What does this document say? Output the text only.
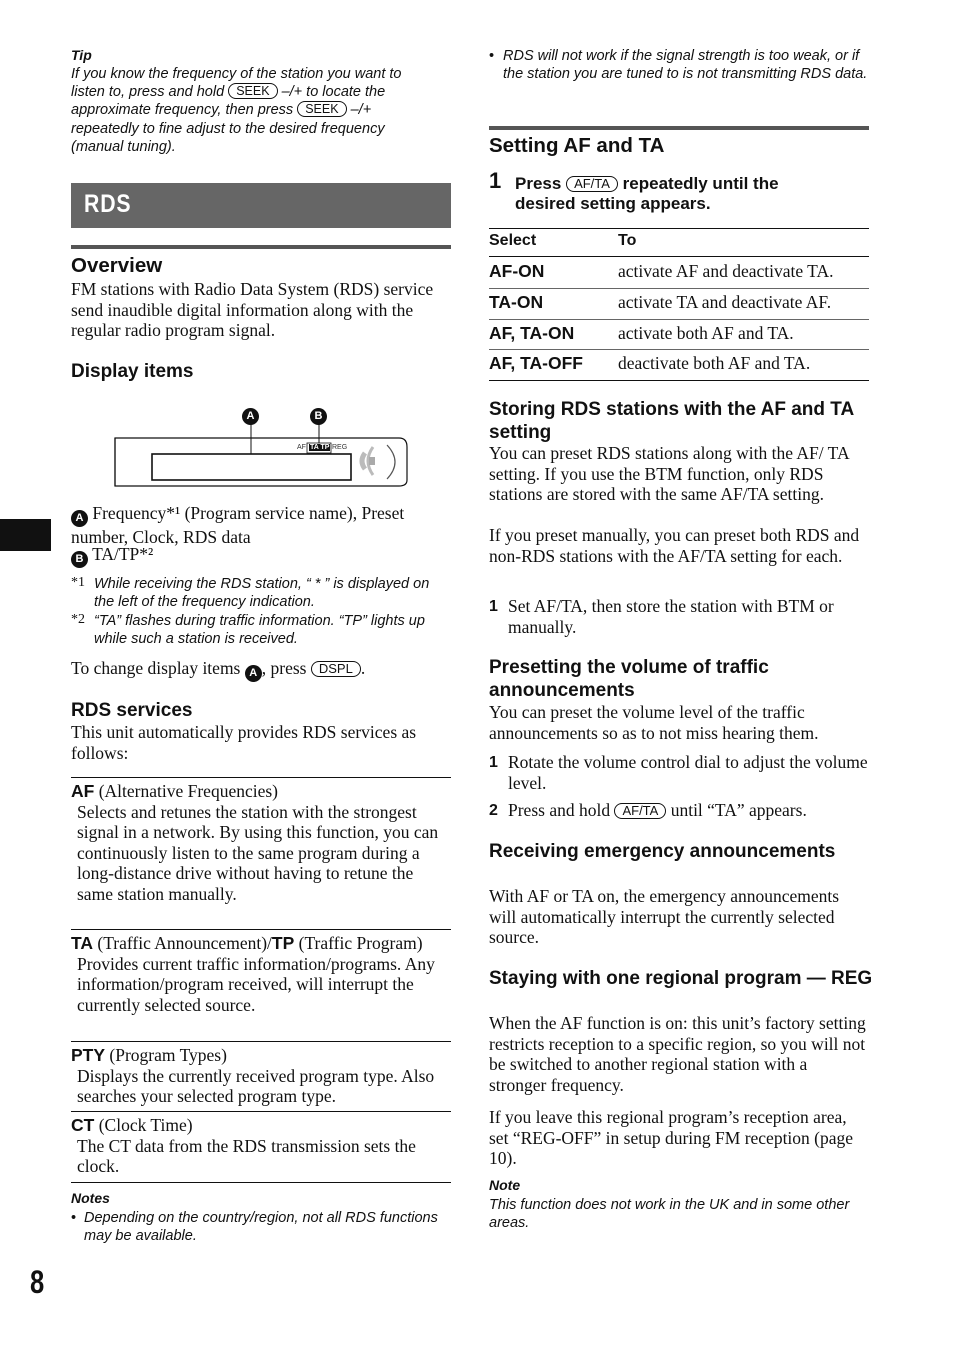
Tip
If you know the frequency of the station you want to
listen to, press and hold SEEK –/+ to locate the
approximate frequency, then press SEEK –/+
repeatedly to fine adjust to the desired frequency
(manual tuning).
RDS
Overview
FM stations with Radio Data System (RDS) service send inaudible digital information along with the regular radio program signal.
Display items
A	B
AF TA TP REG
A Frequency*¹ (Program service name), Preset number, Clock, RDS data
B TA/TP*²
*1 While receiving the RDS station, “ * ” is displayed on the left of the frequency indication.
*2 “TA” flashes during traffic information. “TP” lights up while such a station is received.
To change display items A , press DSPL .
RDS services
This unit automatically provides RDS services as follows:
AF (Alternative Frequencies)
Selects and retunes the station with the strongest signal in a network. By using this function, you can continuously listen to the same program during a long-distance drive without having to retune the same station manually.
TA (Traffic Announcement)/TP (Traffic Program)
Provides current traffic information/programs. Any information/program received, will interrupt the currently selected source.
PTY (Program Types)
Displays the currently received program type. Also searches your selected program type.
CT (Clock Time)
The CT data from the RDS transmission sets the clock.
Notes
• Depending on the country/region, not all RDS functions may be available.
8
• RDS will not work if the signal strength is too weak, or if the station you are tuned to is not transmitting RDS data.
Setting AF and TA
1 Press AF/TA repeatedly until the
desired setting appears.
Select	To
AF-ON	activate AF and deactivate TA.
TA-ON	activate TA and deactivate AF.
AF, TA-ON	activate both AF and TA.
AF, TA-OFF deactivate both AF and TA.
Storing RDS stations with the AF and TA setting
You can preset RDS stations along with the AF/ TA setting. If you use the BTM function, only RDS stations are stored with the same AF/TA setting.
If you preset manually, you can preset both RDS and non-RDS stations with the AF/TA setting for each.
1 Set AF/TA, then store the station with BTM or manually.
Presetting the volume of traffic announcements
You can preset the volume level of the traffic announcements so as to not miss hearing them.
1 Rotate the volume control dial to adjust the volume level.
2 Press and hold AF/TA until “TA” appears.
Receiving emergency announcements
With AF or TA on, the emergency announcements will automatically interrupt the currently selected source.
Staying with one regional program — REG
When the AF function is on: this unit’s factory setting restricts reception to a specific region, so you will not be switched to another regional station with a stronger frequency.
If you leave this regional program’s reception area, set “REG-OFF” in setup during FM reception (page 10).
Note
This function does not work in the UK and in some other areas.
